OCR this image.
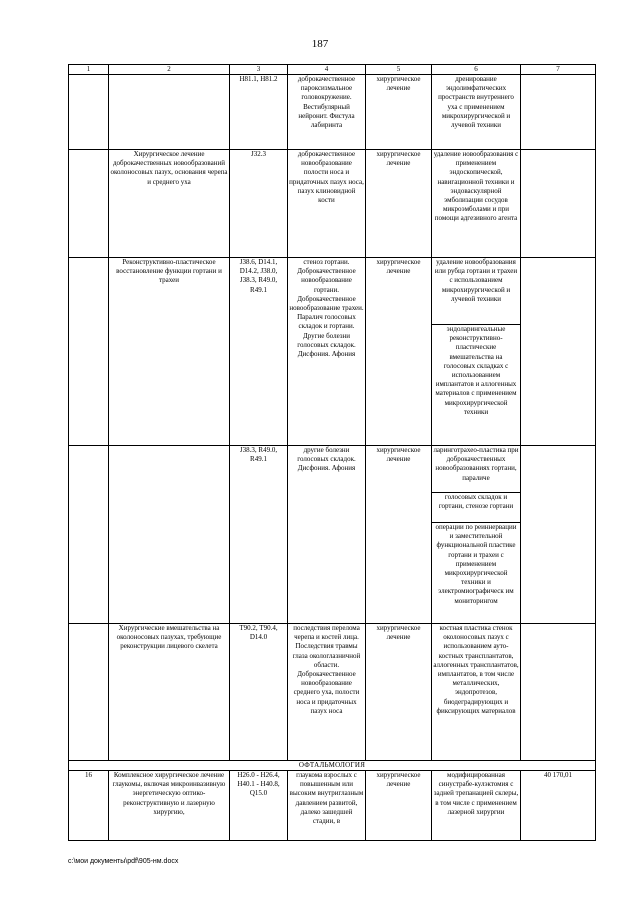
187
1	2	3	4	5	6	7
		H81.1, H81.2	доброкачественное пароксизмальное головокружение. Вестибулярный нейронит. Фистула лабиринта	хирургическое лечение	дренирование эндолимфатических пространств внутреннего уха с применением микрохирургической и лучевой техники	
	Хирургическое лечение доброкачественных новообразований околоносовых пазух, основания черепа и среднего уха	J32.3	доброкачественное новообразование полости носа и придаточных пазух носа, пазух клиновидной кости	хирургическое лечение	удаление новообразования с применением эндоскопической, навигационной техники и эндоваскулярной эмболизации сосудов микроэмболами и при помощи адгезивного агента	
	Реконструктивно-пластическое восстановление функции гортани и трахеи	J38.6, D14.1, D14.2, J38.0, J38.3, R49.0, R49.1	стеноз гортани. Доброкачественное новообразование гортани. Доброкачественное новообразование трахеи. Паралич голосовых складок и гортани. Другие болезни голосовых складок. Дисфония. Афония	хирургическое лечение	удаление новообразования или рубца гортани и трахеи с использованием микрохирургической и лучевой техники	
					эндоларингеальные реконструктивно-пластические вмешательства на голосовых складках с использованием имплантатов и аллогенных материалов с применением микрохирургической техники	
		J38.3, R49.0, R49.1	другие болезни голосовых складок. Дисфония. Афония	хирургическое лечение	ларинготрахео-пластика при доброкачественных новообразованиях гортани, параличе	
					голосовых складок и гортани, стенозе гортани	
					операции по реиннервации и заместительной функциональной пластике гортани и трахеи с применением микрохирургической техники и электромиографическ им мониторингом	
	Хирургические вмешательства на околоносовых пазухах, требующие реконструкции лицевого скелета	T90.2, T90.4, D14.0	последствия перелома черепа и костей лица. Последствия травмы глаза окологлазничной области. Доброкачественное новообразование среднего уха, полости носа и придаточных пазух носа	хирургическое лечение	костная пластика стенок околоносовых пазух с использованием ауто-костных трансплантатов, аллогенных трансплантатов, имплантатов, в том числе металлических, эндопротезов, биодеградирующих и фиксирующих материалов	
ОФТАЛЬМОЛОГИЯ						
16	Комплексное хирургическое лечение глаукомы, включая микроинвазивную энергетическую оптико-реконструктивную и лазерную хирургию,	H26.0 - H26.4, H40.1 - H40.8, Q15.0	глаукома взрослых с повышенным или высоким внутриглазным давлением развитой, далеко зашедшей стадии, в	хирургическое лечение	модифицированная синустрабе-кулэктомия с задней трепанацией склеры, в том числе с применением лазерной хирургии	40 170,01
c:\мои документы\pdf\905-нм.docx
